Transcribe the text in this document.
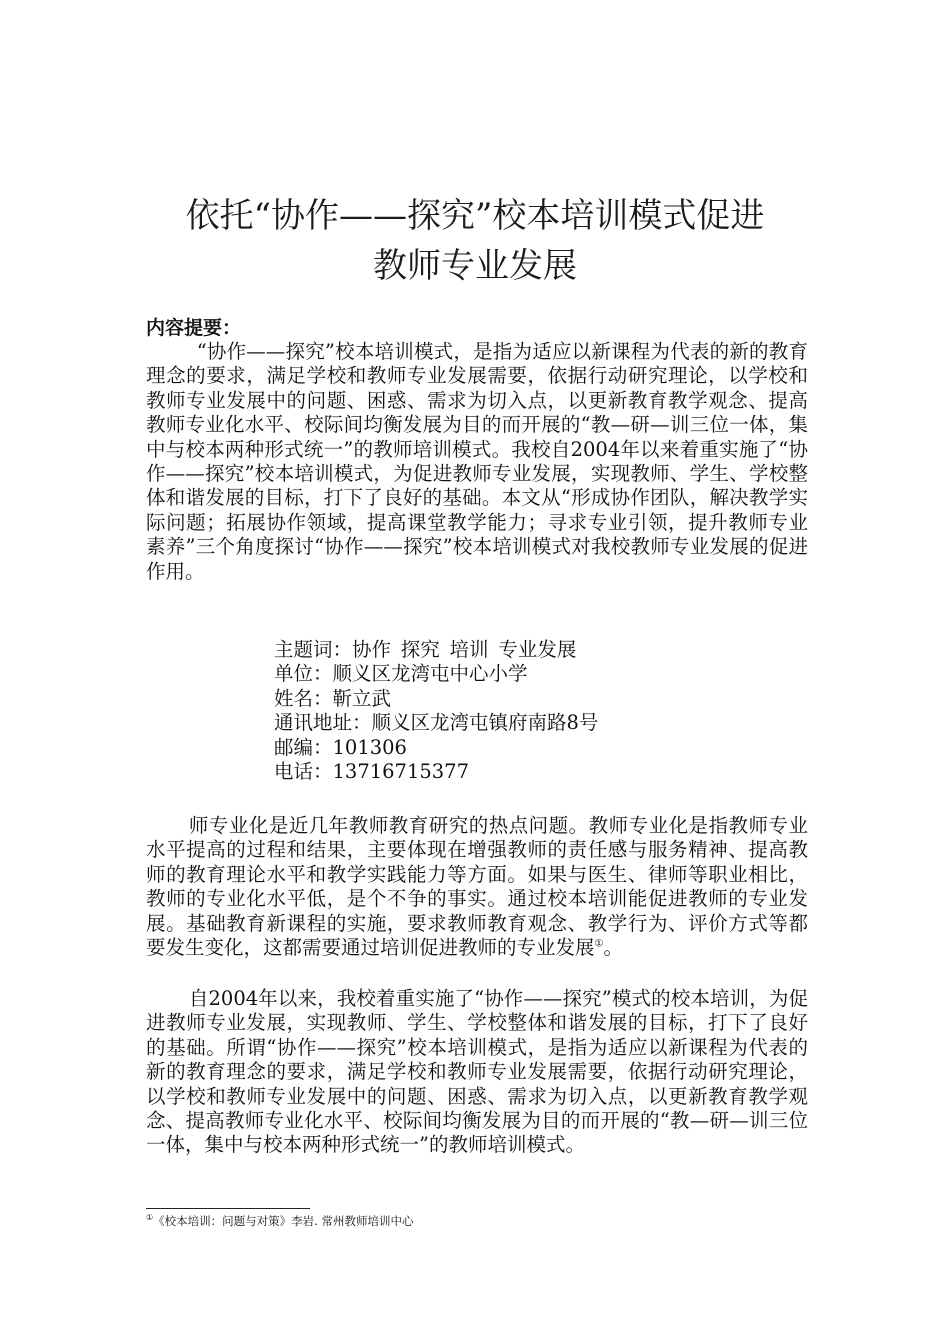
依托“协作——探究”校本培训模式促进
教师专业发展

内容提要：

“协作——探究”校本培训模式，是指为适应以新课程为代表的新的教育理念的要求，满足学校和教师专业发展需要，依据行动研究理论，以学校和教师专业发展中的问题、困惑、需求为切入点，以更新教育教学观念、提高教师专业化水平、校际间均衡发展为目的而开展的“教—研—训三位一体，集中与校本两种形式统一”的教师培训模式。我校自2004年以来着重实施了“协作——探究”校本培训模式，为促进教师专业发展，实现教师、学生、学校整体和谐发展的目标，打下了良好的基础。本文从“形成协作团队，解决教学实际问题；拓展协作领域，提高课堂教学能力；寻求专业引领，提升教师专业素养”三个角度探讨“协作——探究”校本培训模式对我校教师专业发展的促进作用。

主题词：协作 探究 培训 专业发展
单位：顺义区龙湾屯中心小学
姓名：靳立武
通讯地址：顺义区龙湾屯镇府南路8号
邮编：101306
电话：13716715377

师专业化是近几年教师教育研究的热点问题。教师专业化是指教师专业水平提高的过程和结果，主要体现在增强教师的责任感与服务精神、提高教师的教育理论水平和教学实践能力等方面。如果与医生、律师等职业相比，教师的专业化水平低，是个不争的事实。通过校本培训能促进教师的专业发展。基础教育新课程的实施，要求教师教育观念、教学行为、评价方式等都要发生变化，这都需要通过培训促进教师的专业发展①。

自2004年以来，我校着重实施了“协作——探究”模式的校本培训，为促进教师专业发展，实现教师、学生、学校整体和谐发展的目标，打下了良好的基础。所谓“协作——探究”校本培训模式，是指为适应以新课程为代表的新的教育理念的要求，满足学校和教师专业发展需要，依据行动研究理论，以学校和教师专业发展中的问题、困惑、需求为切入点，以更新教育教学观念、提高教师专业化水平、校际间均衡发展为目的而开展的“教—研—训三位一体，集中与校本两种形式统一”的教师培训模式。

①《校本培训：问题与对策》李岩. 常州教师培训中心
